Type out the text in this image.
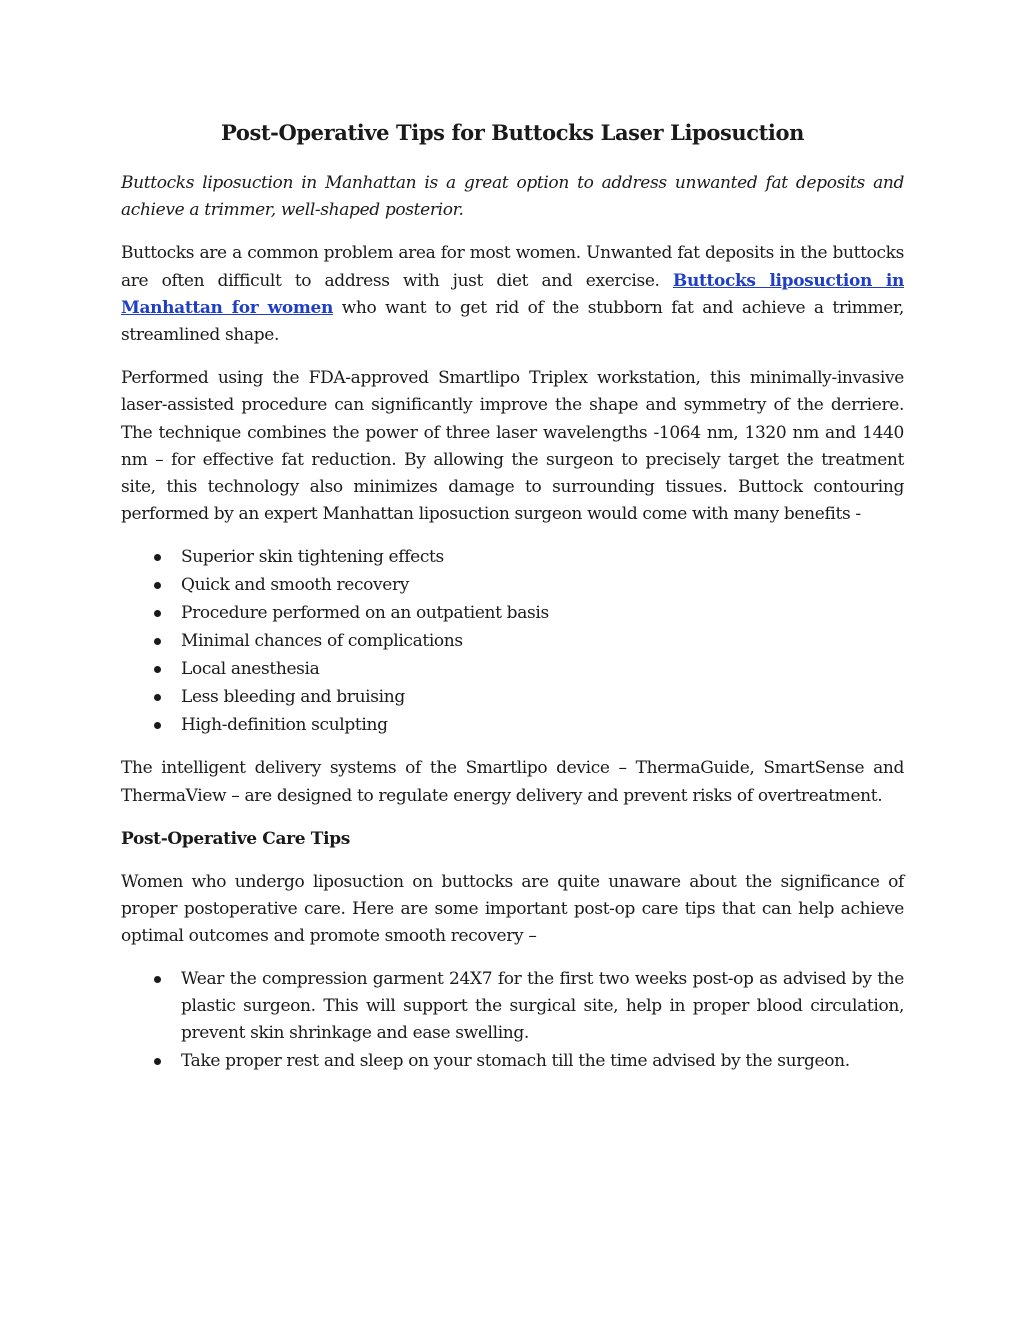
Post-Operative Tips for Buttocks Laser Liposuction

Buttocks liposuction in Manhattan is a great option to address unwanted fat deposits and achieve a trimmer, well-shaped posterior.

Buttocks are a common problem area for most women. Unwanted fat deposits in the buttocks are often difficult to address with just diet and exercise. Buttocks liposuction in Manhattan for women who want to get rid of the stubborn fat and achieve a trimmer, streamlined shape.

Performed using the FDA-approved Smartlipo Triplex workstation, this minimally-invasive laser-assisted procedure can significantly improve the shape and symmetry of the derriere. The technique combines the power of three laser wavelengths -1064 nm, 1320 nm and 1440 nm – for effective fat reduction. By allowing the surgeon to precisely target the treatment site, this technology also minimizes damage to surrounding tissues. Buttock contouring performed by an expert Manhattan liposuction surgeon would come with many benefits -

Superior skin tightening effects
Quick and smooth recovery
Procedure performed on an outpatient basis
Minimal chances of complications
Local anesthesia
Less bleeding and bruising
High-definition sculpting

The intelligent delivery systems of the Smartlipo device – ThermaGuide, SmartSense and ThermaView – are designed to regulate energy delivery and prevent risks of overtreatment.

Post-Operative Care Tips

Women who undergo liposuction on buttocks are quite unaware about the significance of proper postoperative care. Here are some important post-op care tips that can help achieve optimal outcomes and promote smooth recovery –

Wear the compression garment 24X7 for the first two weeks post-op as advised by the plastic surgeon. This will support the surgical site, help in proper blood circulation, prevent skin shrinkage and ease swelling.
Take proper rest and sleep on your stomach till the time advised by the surgeon.
